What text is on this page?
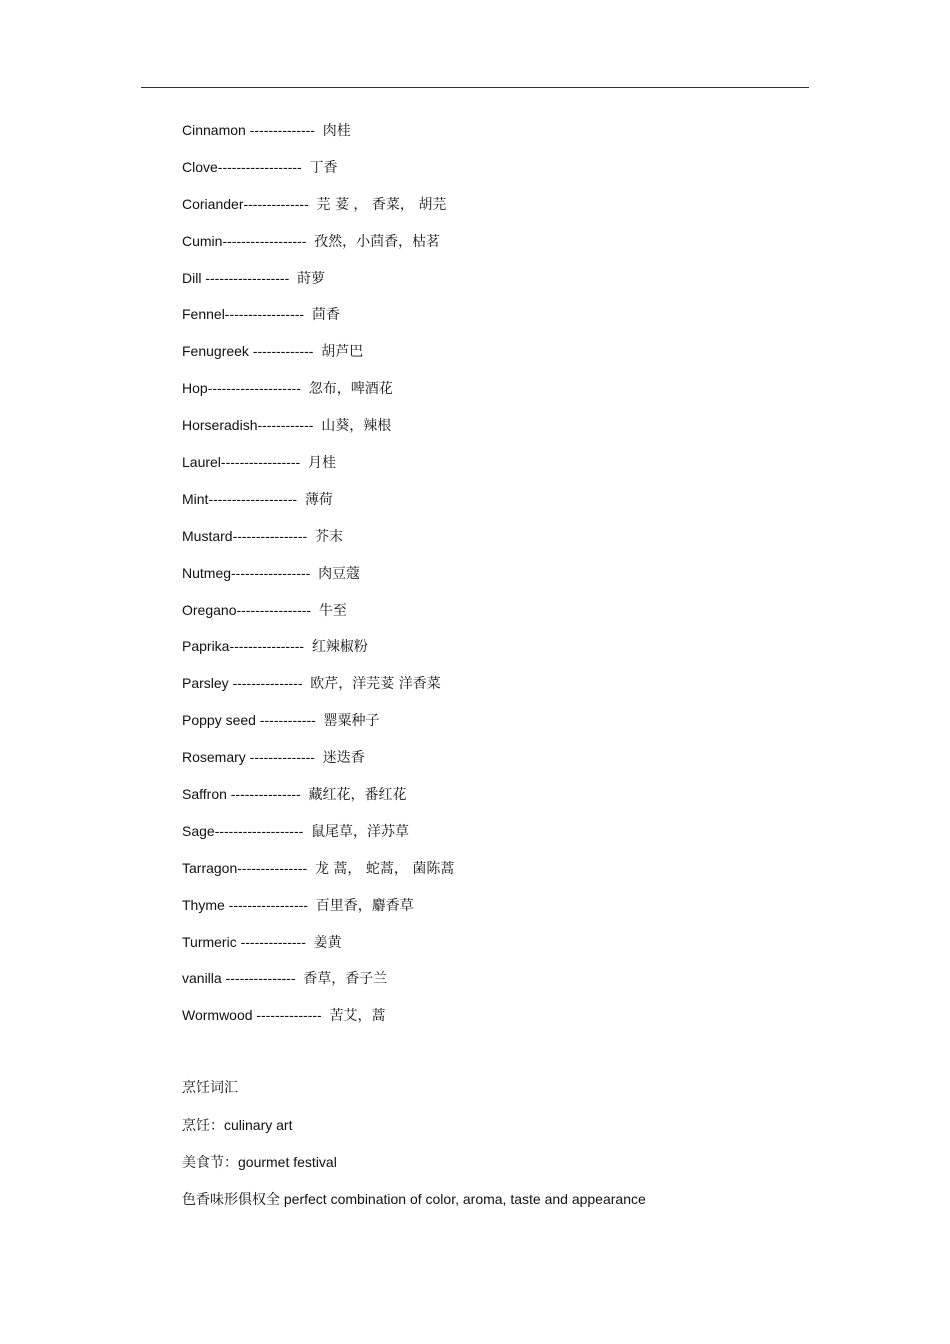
Cinnamon --------------  肉桂
Clove------------------  丁香
Coriander--------------  芫 荽 ， 香菜， 胡芫
Cumin------------------  孜然，小茴香，枯茗
Dill ------------------  莳萝
Fennel-----------------  茴香
Fenugreek -------------  胡芦巴
Hop--------------------  忽布，啤酒花
Horseradish------------  山葵，辣根
Laurel-----------------  月桂
Mint-------------------  薄荷
Mustard----------------  芥末
Nutmeg-----------------  肉豆蔻
Oregano----------------  牛至
Paprika----------------  红辣椒粉
Parsley ---------------  欧芹，洋芫荽 洋香菜
Poppy seed ------------  罂粟种子
Rosemary --------------  迷迭香
Saffron ---------------  藏红花，番红花
Sage-------------------  鼠尾草，洋苏草
Tarragon---------------  龙 蒿， 蛇蒿， 菌陈蒿
Thyme -----------------  百里香，麝香草
Turmeric --------------  姜黄
vanilla ---------------  香草，香子兰
Wormwood --------------  苦艾，蒿
烹饪词汇
烹饪：culinary art
美食节：gourmet festival
色香味形俱权全 perfect combination of color, aroma, taste and appearance
